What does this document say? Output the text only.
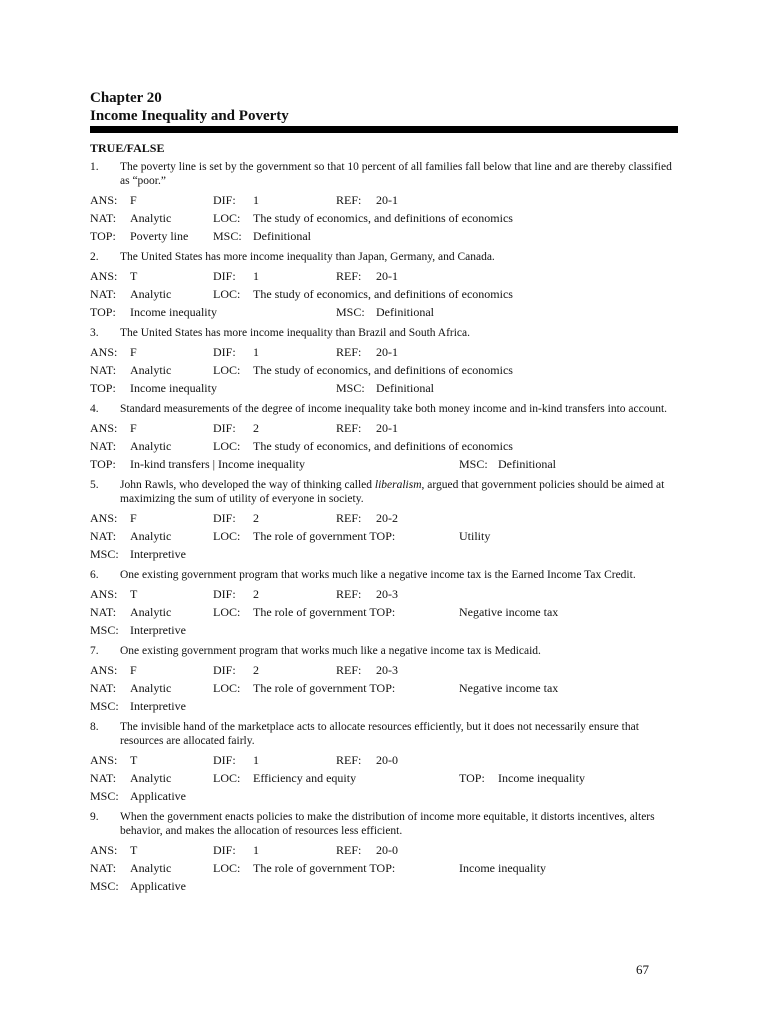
Chapter 20
Income Inequality and Poverty
TRUE/FALSE
1.	The poverty line is set by the government so that 10 percent of all families fall below that line and are thereby classified as “poor.”
ANS: F	DIF: 1	REF: 20-1
NAT: Analytic	LOC: The study of economics, and definitions of economics
TOP: Poverty line MSC: Definitional
2.	The United States has more income inequality than Japan, Germany, and Canada.
ANS: T	DIF: 1	REF: 20-1
NAT: Analytic	LOC: The study of economics, and definitions of economics
TOP: Income inequality	MSC: Definitional
3.	The United States has more income inequality than Brazil and South Africa.
ANS: F	DIF: 1	REF: 20-1
NAT: Analytic	LOC: The study of economics, and definitions of economics
TOP: Income inequality	MSC: Definitional
4.	Standard measurements of the degree of income inequality take both money income and in-kind transfers into account.
ANS: F	DIF: 2	REF: 20-1
NAT: Analytic	LOC: The study of economics, and definitions of economics
TOP: In-kind transfers | Income inequality	MSC: Definitional
5.	John Rawls, who developed the way of thinking called liberalism, argued that government policies should be aimed at maximizing the sum of utility of everyone in society.
ANS: F	DIF: 2	REF: 20-2
NAT: Analytic	LOC: The role of government TOP:	Utility
MSC: Interpretive
6.	One existing government program that works much like a negative income tax is the Earned Income Tax Credit.
ANS: T	DIF: 2	REF: 20-3
NAT: Analytic	LOC: The role of government TOP:	Negative income tax
MSC: Interpretive
7.	One existing government program that works much like a negative income tax is Medicaid.
ANS: F	DIF: 2	REF: 20-3
NAT: Analytic	LOC: The role of government TOP:	Negative income tax
MSC: Interpretive
8.	The invisible hand of the marketplace acts to allocate resources efficiently, but it does not necessarily ensure that resources are allocated fairly.
ANS: T	DIF: 1	REF: 20-0
NAT: Analytic	LOC: Efficiency and equity	TOP: Income inequality
MSC: Applicative
9.	When the government enacts policies to make the distribution of income more equitable, it distorts incentives, alters behavior, and makes the allocation of resources less efficient.
ANS: T	DIF: 1	REF: 20-0
NAT: Analytic	LOC: The role of government TOP:	Income inequality
MSC: Applicative
67
